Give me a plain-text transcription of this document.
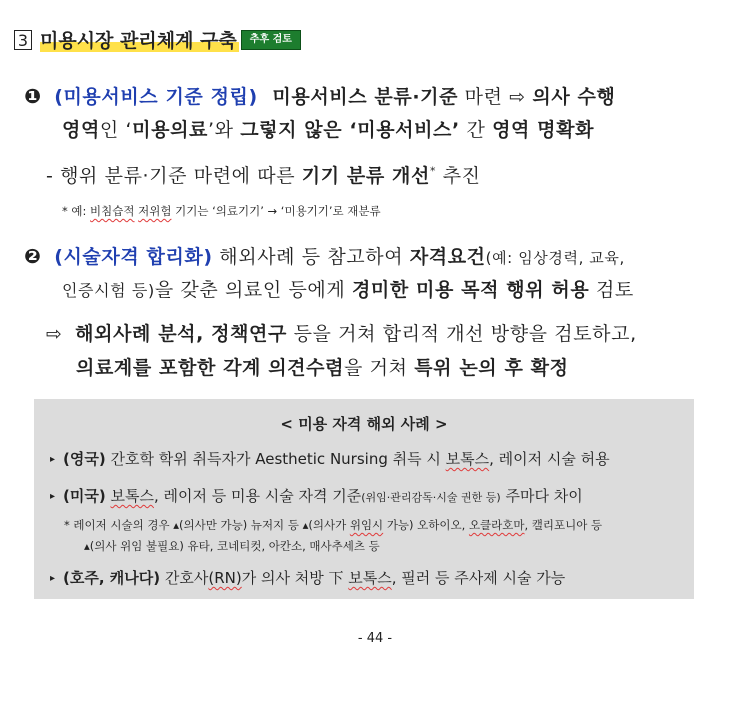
3 미용시장 관리체계 구축 추후 검토
❶ (미용서비스 기준 정립) 미용서비스 분류·기준 마련 ⇨ 의사 수행
영역인 ‘미용의료’와 그렇지 않은 ‘미용서비스’ 간 영역 명확화
- 행위 분류·기준 마련에 따른 기기 분류 개선* 추진
* 예: 비침습적 저위험 기기는 ‘의료기기’ → ‘미용기기’로 재분류
❷ (시술자격 합리화) 해외사례 등 참고하여 자격요건(예: 임상경력, 교육,
인증시험 등)을 갖춘 의료인 등에게 경미한 미용 목적 행위 허용 검토
⇨ 해외사례 분석, 정책연구 등을 거쳐 합리적 개선 방향을 검토하고,
의료계를 포함한 각계 의견수렴을 거쳐 특위 논의 후 확정
< 미용 자격 해외 사례 >
▸ (영국) 간호학 학위 취득자가 Aesthetic Nursing 취득 시 보톡스, 레이저 시술 허용
▸ (미국) 보톡스, 레이저 등 미용 시술 자격 기준(위임·관리감독·시술 권한 등) 주마다 차이
* 레이저 시술의 경우 ▴(의사만 가능) 뉴저지 등 ▴(의사가 위임시 가능) 오하이오, 오클라호마, 캘리포니아 등
▴(의사 위임 불필요) 유타, 코네티컷, 아칸소, 매사추세츠 등
▸ (호주, 캐나다) 간호사(RN)가 의사 처방 下 보톡스, 필러 등 주사제 시술 가능
- 44 -
